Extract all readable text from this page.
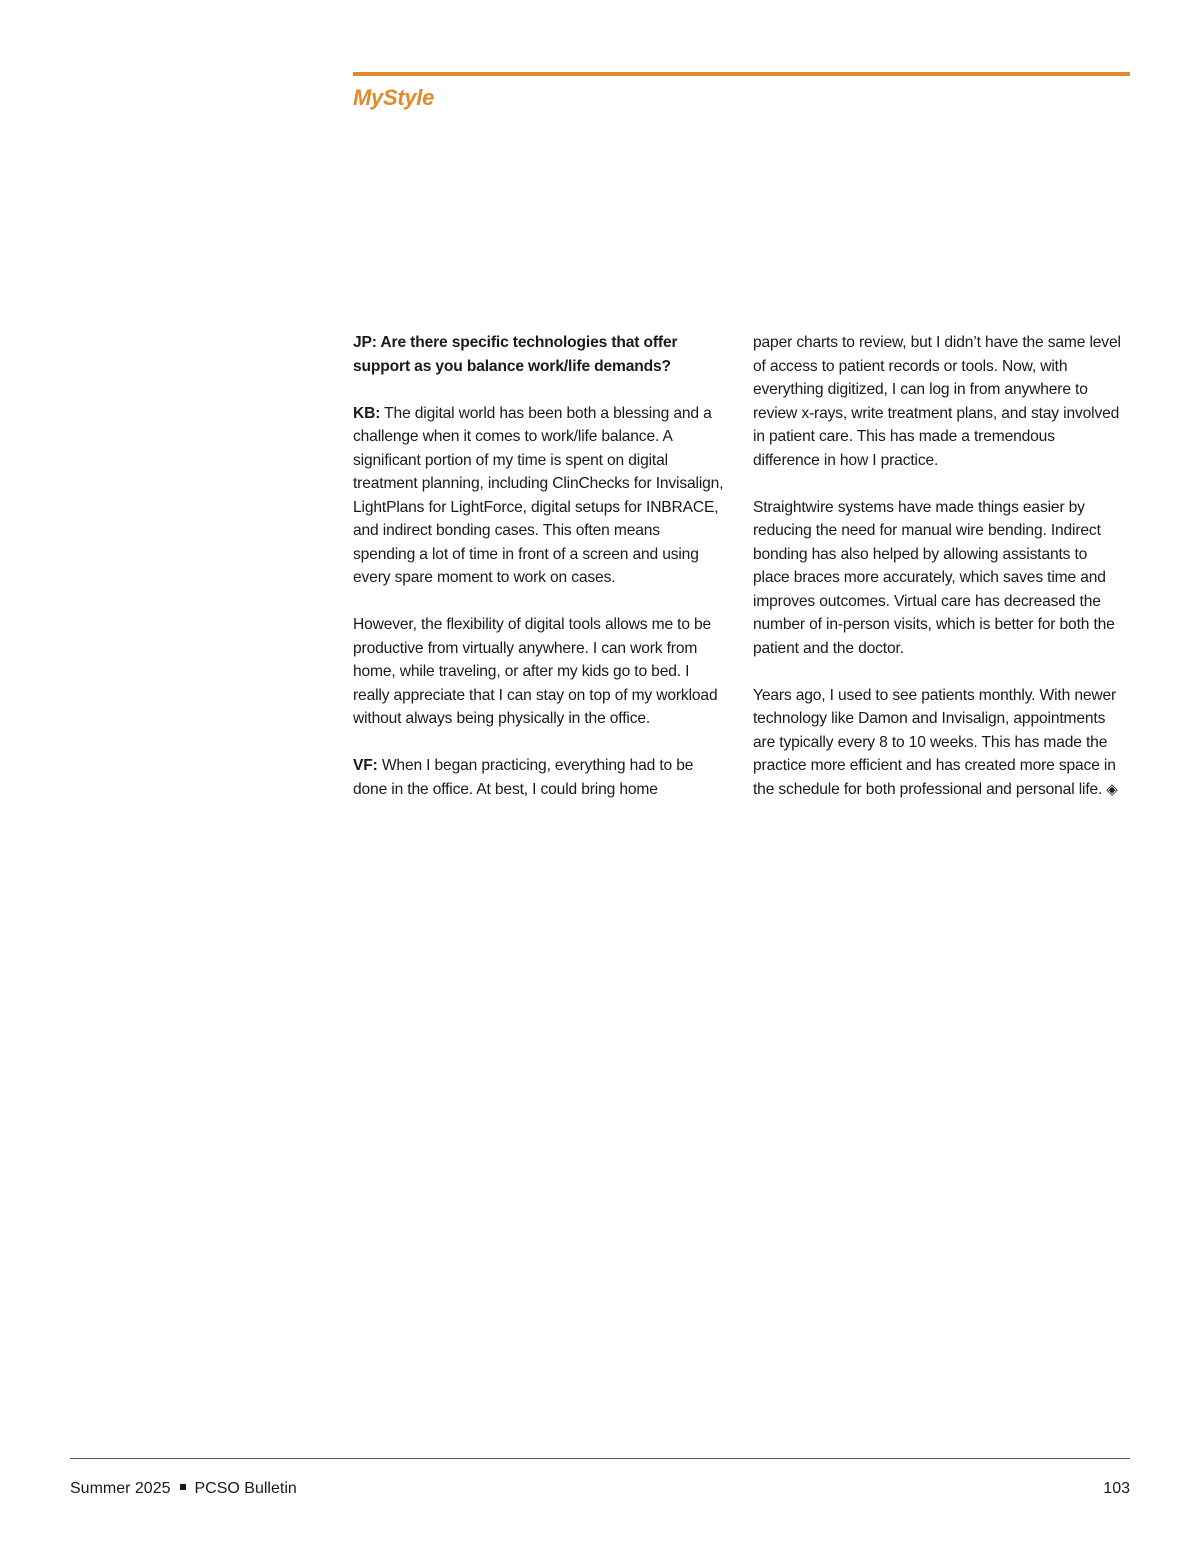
MyStyle

JP: Are there specific technologies that offer support as you balance work/life demands?

KB: The digital world has been both a blessing and a challenge when it comes to work/life balance. A significant portion of my time is spent on digital treatment planning, including ClinChecks for Invisalign, LightPlans for LightForce, digital setups for INBRACE, and indirect bonding cases. This often means spending a lot of time in front of a screen and using every spare moment to work on cases.

However, the flexibility of digital tools allows me to be productive from virtually anywhere. I can work from home, while traveling, or after my kids go to bed. I really appreciate that I can stay on top of my workload without always being physically in the office.

VF: When I began practicing, everything had to be done in the office. At best, I could bring home

paper charts to review, but I didn’t have the same level of access to patient records or tools. Now, with everything digitized, I can log in from anywhere to review x-rays, write treatment plans, and stay involved in patient care. This has made a tremendous difference in how I practice.

Straightwire systems have made things easier by reducing the need for manual wire bending. Indirect bonding has also helped by allowing assistants to place braces more accurately, which saves time and improves outcomes. Virtual care has decreased the number of in-person visits, which is better for both the patient and the doctor.

Years ago, I used to see patients monthly. With newer technology like Damon and Invisalign, appointments are typically every 8 to 10 weeks. This has made the practice more efficient and has created more space in the schedule for both professional and personal life. ◈

Summer 2025 PCSO Bulletin	103
